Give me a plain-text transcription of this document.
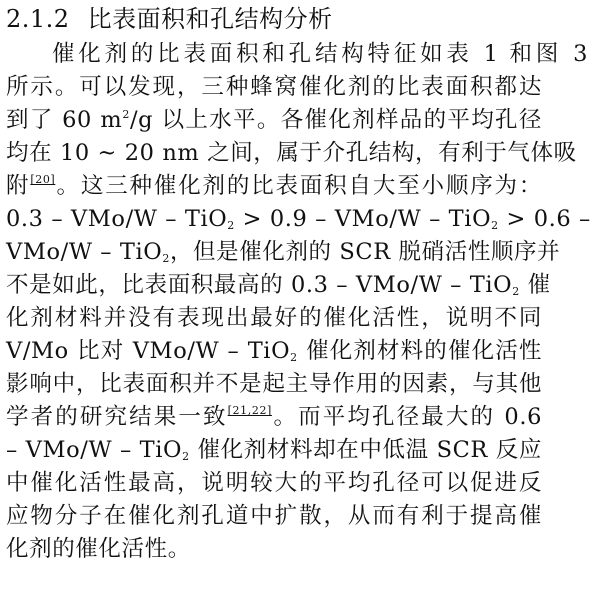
2.1.2 比表面积和孔结构分析
催化剂的比表面积和孔结构特征如表 1 和图 3
所示。可以发现，三种蜂窝催化剂的比表面积都达
到了 60 $m^2/g$ 以上水平。各催化剂样品的平均孔径
均在 10 ~ 20 nm 之间，属于介孔结构，有利于气体吸
附[20]。这三种催化剂的比表面积自大至小顺序为：
0.3 – VMo/W – TiO$_2$ > 0.9 – VMo/W – TiO$_2$ > 0.6 –
VMo/W – TiO$_2$，但是催化剂的 SCR 脱硝活性顺序并
不是如此，比表面积最高的 0.3 – VMo/W – TiO$_2$ 催
化剂材料并没有表现出最好的催化活性，说明不同
V/Mo 比对 VMo/W – TiO$_2$ 催化剂材料的催化活性
影响中，比表面积并不是起主导作用的因素，与其他
学者的研究结果一致[21,22]。而平均孔径最大的 0.6
– VMo/W – TiO$_2$ 催化剂材料却在中低温 SCR 反应
中催化活性最高，说明较大的平均孔径可以促进反
应物分子在催化剂孔道中扩散，从而有利于提高催
化剂的催化活性。
